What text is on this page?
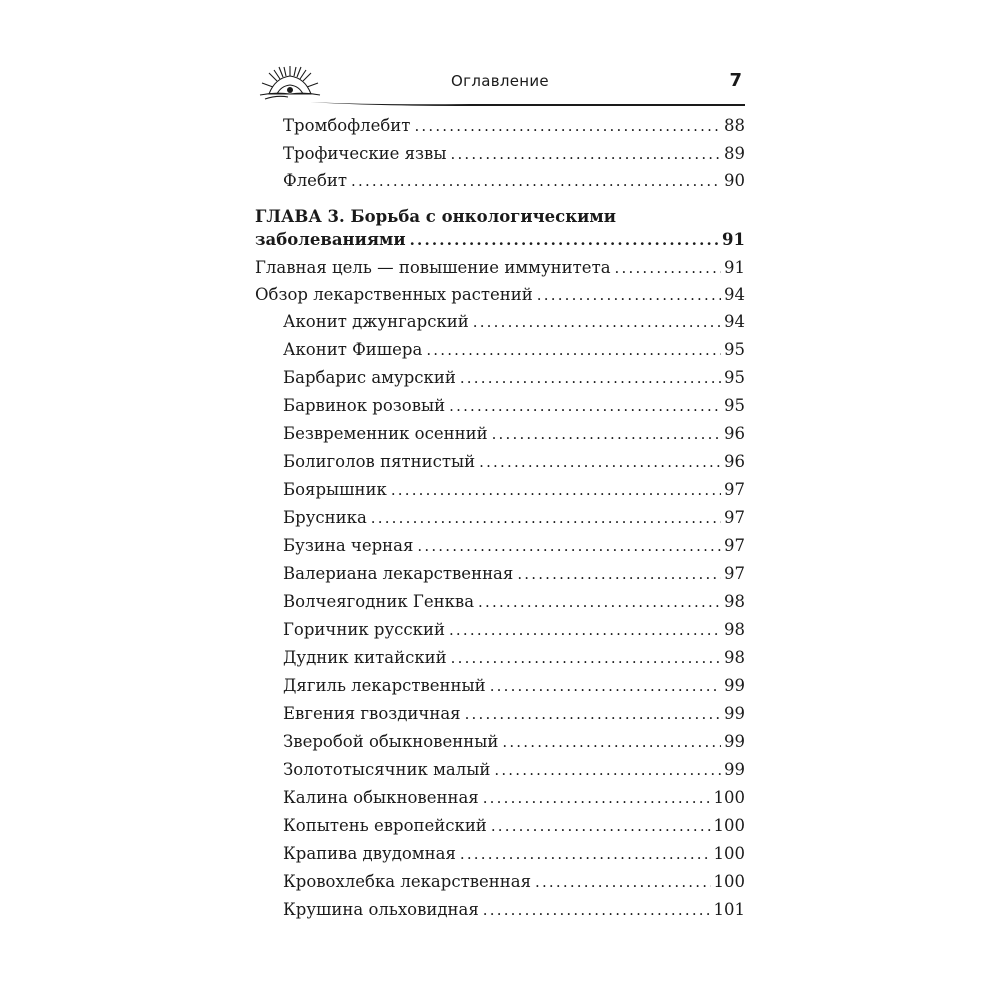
Оглавление	7
Тромбофлебит .....	88
Трофические язвы .....	89
Флебит .....	90
ГЛАВА 3. Борьба с онкологическими
заболеваниями .....	91
Главная цель — повышение иммунитета .....	91
Обзор лекарственных растений .....	94
Аконит джунгарский .....	94
Аконит Фишера .....	95
Барбарис амурский .....	95
Барвинок розовый .....	95
Безвременник осенний .....	96
Болиголов пятнистый .....	96
Боярышник .....	97
Брусника .....	97
Бузина черная .....	97
Валериана лекарственная .....	97
Волчеягодник Генква .....	98
Горичник русский .....	98
Дудник китайский .....	98
Дягиль лекарственный .....	99
Евгения гвоздичная .....	99
Зверобой обыкновенный .....	99
Золототысячник малый .....	99
Калина обыкновенная .....	100
Копытень европейский .....	100
Крапива двудомная .....	100
Кровохлебка лекарственная .....	100
Крушина ольховидная .....	101
